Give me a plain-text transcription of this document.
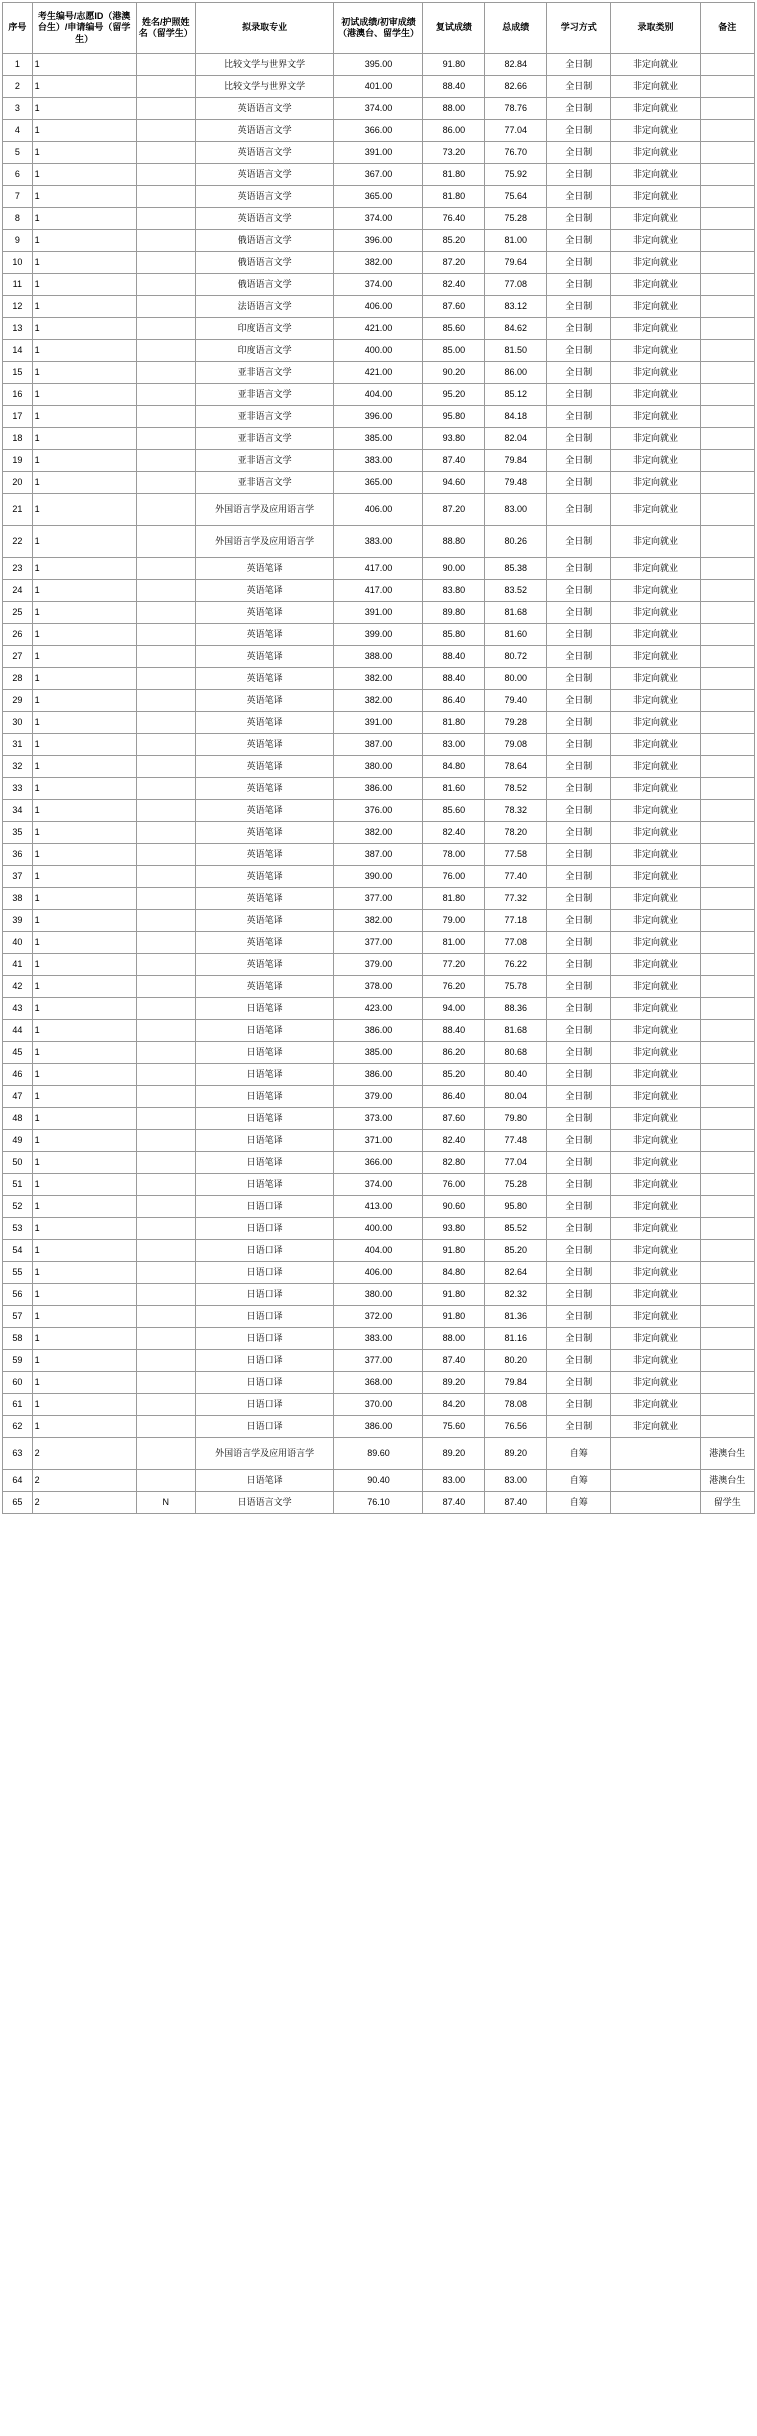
序号	考生编号/志愿ID（港澳台生）/申请编号（留学生）	姓名/护照姓名（留学生）	拟录取专业	初试成绩/初审成绩（港澳台、留学生）	复试成绩	总成绩	学习方式	录取类别	备注
1	1		比较文学与世界文学	395.00	91.80	82.84	全日制	非定向就业	
2	1		比较文学与世界文学	401.00	88.40	82.66	全日制	非定向就业	
3	1		英语语言文学	374.00	88.00	78.76	全日制	非定向就业	
4	1		英语语言文学	366.00	86.00	77.04	全日制	非定向就业	
5	1		英语语言文学	391.00	73.20	76.70	全日制	非定向就业	
6	1		英语语言文学	367.00	81.80	75.92	全日制	非定向就业	
7	1		英语语言文学	365.00	81.80	75.64	全日制	非定向就业	
8	1		英语语言文学	374.00	76.40	75.28	全日制	非定向就业	
9	1		俄语语言文学	396.00	85.20	81.00	全日制	非定向就业	
10	1		俄语语言文学	382.00	87.20	79.64	全日制	非定向就业	
11	1		俄语语言文学	374.00	82.40	77.08	全日制	非定向就业	
12	1		法语语言文学	406.00	87.60	83.12	全日制	非定向就业	
13	1		印度语言文学	421.00	85.60	84.62	全日制	非定向就业	
14	1		印度语言文学	400.00	85.00	81.50	全日制	非定向就业	
15	1		亚非语言文学	421.00	90.20	86.00	全日制	非定向就业	
16	1		亚非语言文学	404.00	95.20	85.12	全日制	非定向就业	
17	1		亚非语言文学	396.00	95.80	84.18	全日制	非定向就业	
18	1		亚非语言文学	385.00	93.80	82.04	全日制	非定向就业	
19	1		亚非语言文学	383.00	87.40	79.84	全日制	非定向就业	
20	1		亚非语言文学	365.00	94.60	79.48	全日制	非定向就业	
21	1		外国语言学及应用语言学	406.00	87.20	83.00	全日制	非定向就业	
22	1		外国语言学及应用语言学	383.00	88.80	80.26	全日制	非定向就业	
23	1		英语笔译	417.00	90.00	85.38	全日制	非定向就业	
24	1		英语笔译	417.00	83.80	83.52	全日制	非定向就业	
25	1		英语笔译	391.00	89.80	81.68	全日制	非定向就业	
26	1		英语笔译	399.00	85.80	81.60	全日制	非定向就业	
27	1		英语笔译	388.00	88.40	80.72	全日制	非定向就业	
28	1		英语笔译	382.00	88.40	80.00	全日制	非定向就业	
29	1		英语笔译	382.00	86.40	79.40	全日制	非定向就业	
30	1		英语笔译	391.00	81.80	79.28	全日制	非定向就业	
31	1		英语笔译	387.00	83.00	79.08	全日制	非定向就业	
32	1		英语笔译	380.00	84.80	78.64	全日制	非定向就业	
33	1		英语笔译	386.00	81.60	78.52	全日制	非定向就业	
34	1		英语笔译	376.00	85.60	78.32	全日制	非定向就业	
35	1		英语笔译	382.00	82.40	78.20	全日制	非定向就业	
36	1		英语笔译	387.00	78.00	77.58	全日制	非定向就业	
37	1		英语笔译	390.00	76.00	77.40	全日制	非定向就业	
38	1		英语笔译	377.00	81.80	77.32	全日制	非定向就业	
39	1		英语笔译	382.00	79.00	77.18	全日制	非定向就业	
40	1		英语笔译	377.00	81.00	77.08	全日制	非定向就业	
41	1		英语笔译	379.00	77.20	76.22	全日制	非定向就业	
42	1		英语笔译	378.00	76.20	75.78	全日制	非定向就业	
43	1		日语笔译	423.00	94.00	88.36	全日制	非定向就业	
44	1		日语笔译	386.00	88.40	81.68	全日制	非定向就业	
45	1		日语笔译	385.00	86.20	80.68	全日制	非定向就业	
46	1		日语笔译	386.00	85.20	80.40	全日制	非定向就业	
47	1		日语笔译	379.00	86.40	80.04	全日制	非定向就业	
48	1		日语笔译	373.00	87.60	79.80	全日制	非定向就业	
49	1		日语笔译	371.00	82.40	77.48	全日制	非定向就业	
50	1		日语笔译	366.00	82.80	77.04	全日制	非定向就业	
51	1		日语笔译	374.00	76.00	75.28	全日制	非定向就业	
52	1		日语口译	413.00	90.60	95.80	全日制	非定向就业	
53	1		日语口译	400.00	93.80	85.52	全日制	非定向就业	
54	1		日语口译	404.00	91.80	85.20	全日制	非定向就业	
55	1		日语口译	406.00	84.80	82.64	全日制	非定向就业	
56	1		日语口译	380.00	91.80	82.32	全日制	非定向就业	
57	1		日语口译	372.00	91.80	81.36	全日制	非定向就业	
58	1		日语口译	383.00	88.00	81.16	全日制	非定向就业	
59	1		日语口译	377.00	87.40	80.20	全日制	非定向就业	
60	1		日语口译	368.00	89.20	79.84	全日制	非定向就业	
61	1		日语口译	370.00	84.20	78.08	全日制	非定向就业	
62	1		日语口译	386.00	75.60	76.56	全日制	非定向就业	
63	2		外国语言学及应用语言学	89.60	89.20	89.20	自筹		港澳台生
64	2		日语笔译	90.40	83.00	83.00	自筹		港澳台生
65	2	N	日语语言文学	76.10	87.40	87.40	自筹		留学生
